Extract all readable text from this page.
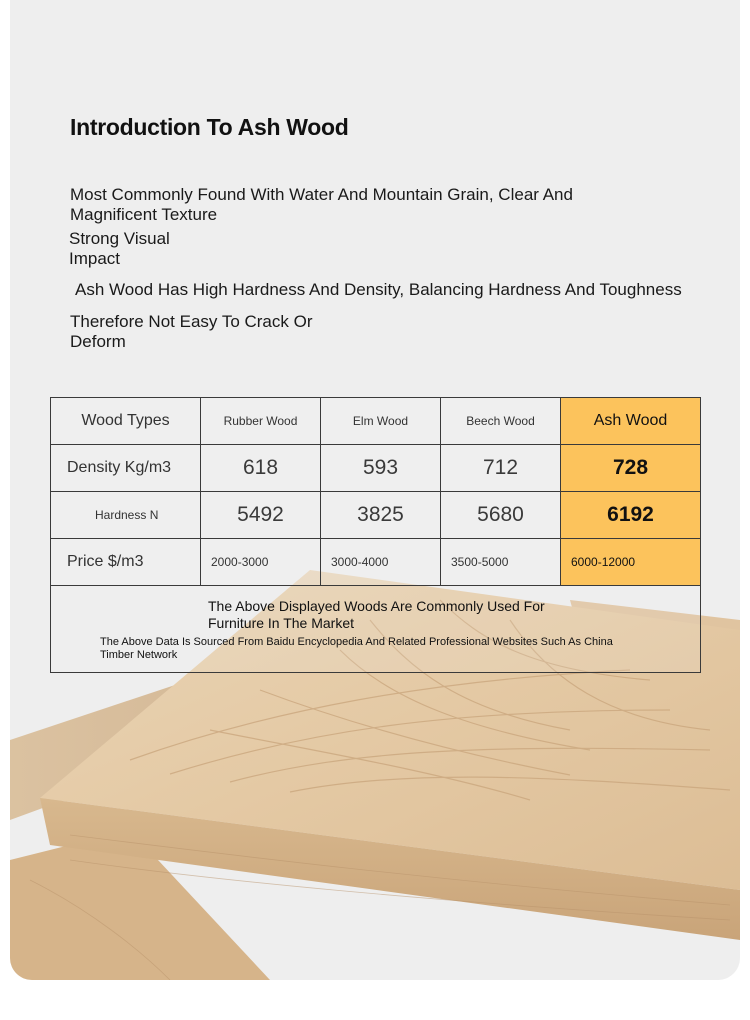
Introduction To Ash Wood

Most Commonly Found With Water And Mountain Grain, Clear And Magnificent Texture

Strong Visual Impact

Ash Wood Has High Hardness And Density, Balancing Hardness And Toughness

Therefore Not Easy To Crack Or Deform

Wood Types	Rubber Wood	Elm Wood	Beech Wood	Ash Wood
Density Kg/m3	618	593	712	728
Hardness N	5492	3825	5680	6192
Price $/m3	2000-3000	3000-4000	3500-5000	6000-12000

The Above Displayed Woods Are Commonly Used For Furniture In The Market
The Above Data Is Sourced From Baidu Encyclopedia And Related Professional Websites Such As China Timber Network				
